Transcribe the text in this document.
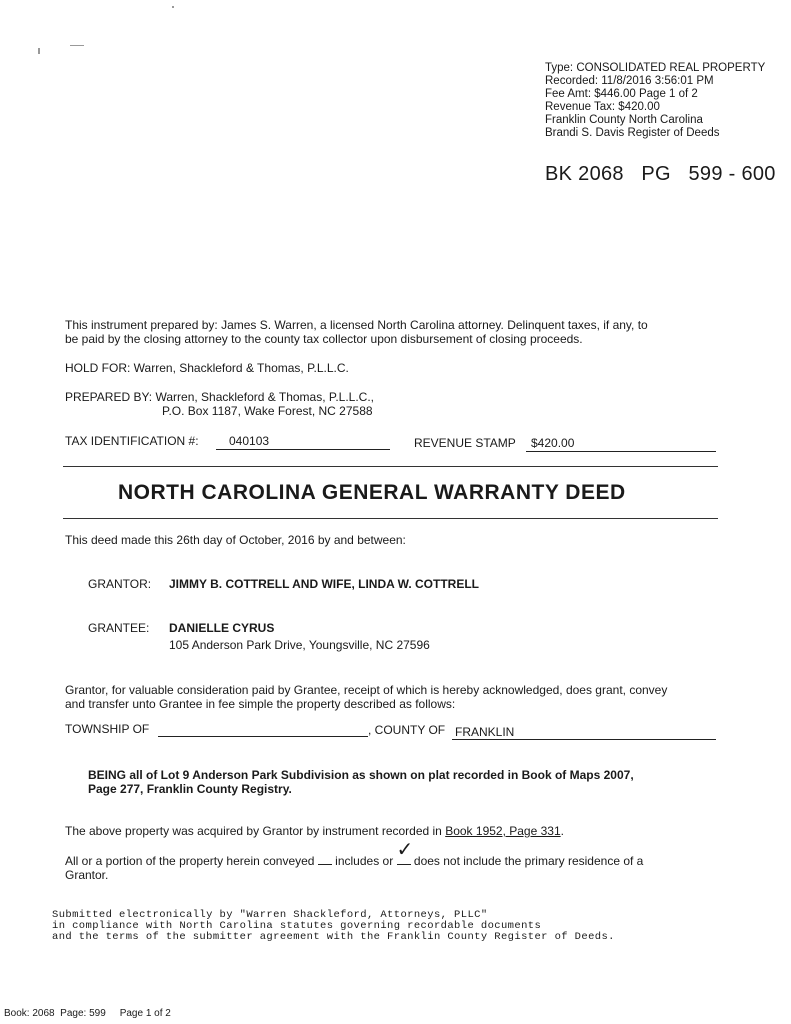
Type: CONSOLIDATED REAL PROPERTY
Recorded: 11/8/2016 3:56:01 PM
Fee Amt: $446.00 Page 1 of 2
Revenue Tax: $420.00
Franklin County North Carolina
Brandi S. Davis Register of Deeds
BK 2068 PG 599 - 600
This instrument prepared by: James S. Warren, a licensed North Carolina attorney. Delinquent taxes, if any, to
be paid by the closing attorney to the county tax collector upon disbursement of closing proceeds.
HOLD FOR: Warren, Shackleford & Thomas, P.L.L.C.
PREPARED BY: Warren, Shackleford & Thomas, P.L.L.C.,
P.O. Box 1187, Wake Forest, NC 27588
TAX IDENTIFICATION #:	040103	REVENUE STAMP $420.00
NORTH CAROLINA GENERAL WARRANTY DEED
This deed made this 26th day of October, 2016 by and between:
GRANTOR: JIMMY B. COTTRELL AND WIFE, LINDA W. COTTRELL
GRANTEE: DANIELLE CYRUS
105 Anderson Park Drive, Youngsville, NC 27596
Grantor, for valuable consideration paid by Grantee, receipt of which is hereby acknowledged, does grant, convey
and transfer unto Grantee in fee simple the property described as follows:
TOWNSHIP OF	, COUNTY OF FRANKLIN
BEING all of Lot 9 Anderson Park Subdivision as shown on plat recorded in Book of Maps 2007,
Page 277, Franklin County Registry.
The above property was acquired by Grantor by instrument recorded in Book 1952, Page 331.
All or a portion of the property herein conveyed includes or ✓ does not include the primary residence of a
Grantor.
Submitted electronically by "Warren Shackleford, Attorneys, PLLC"
in compliance with North Carolina statutes governing recordable documents
and the terms of the submitter agreement with the Franklin County Register of Deeds.
Book: 2068 Page: 599 Page 1 of 2
